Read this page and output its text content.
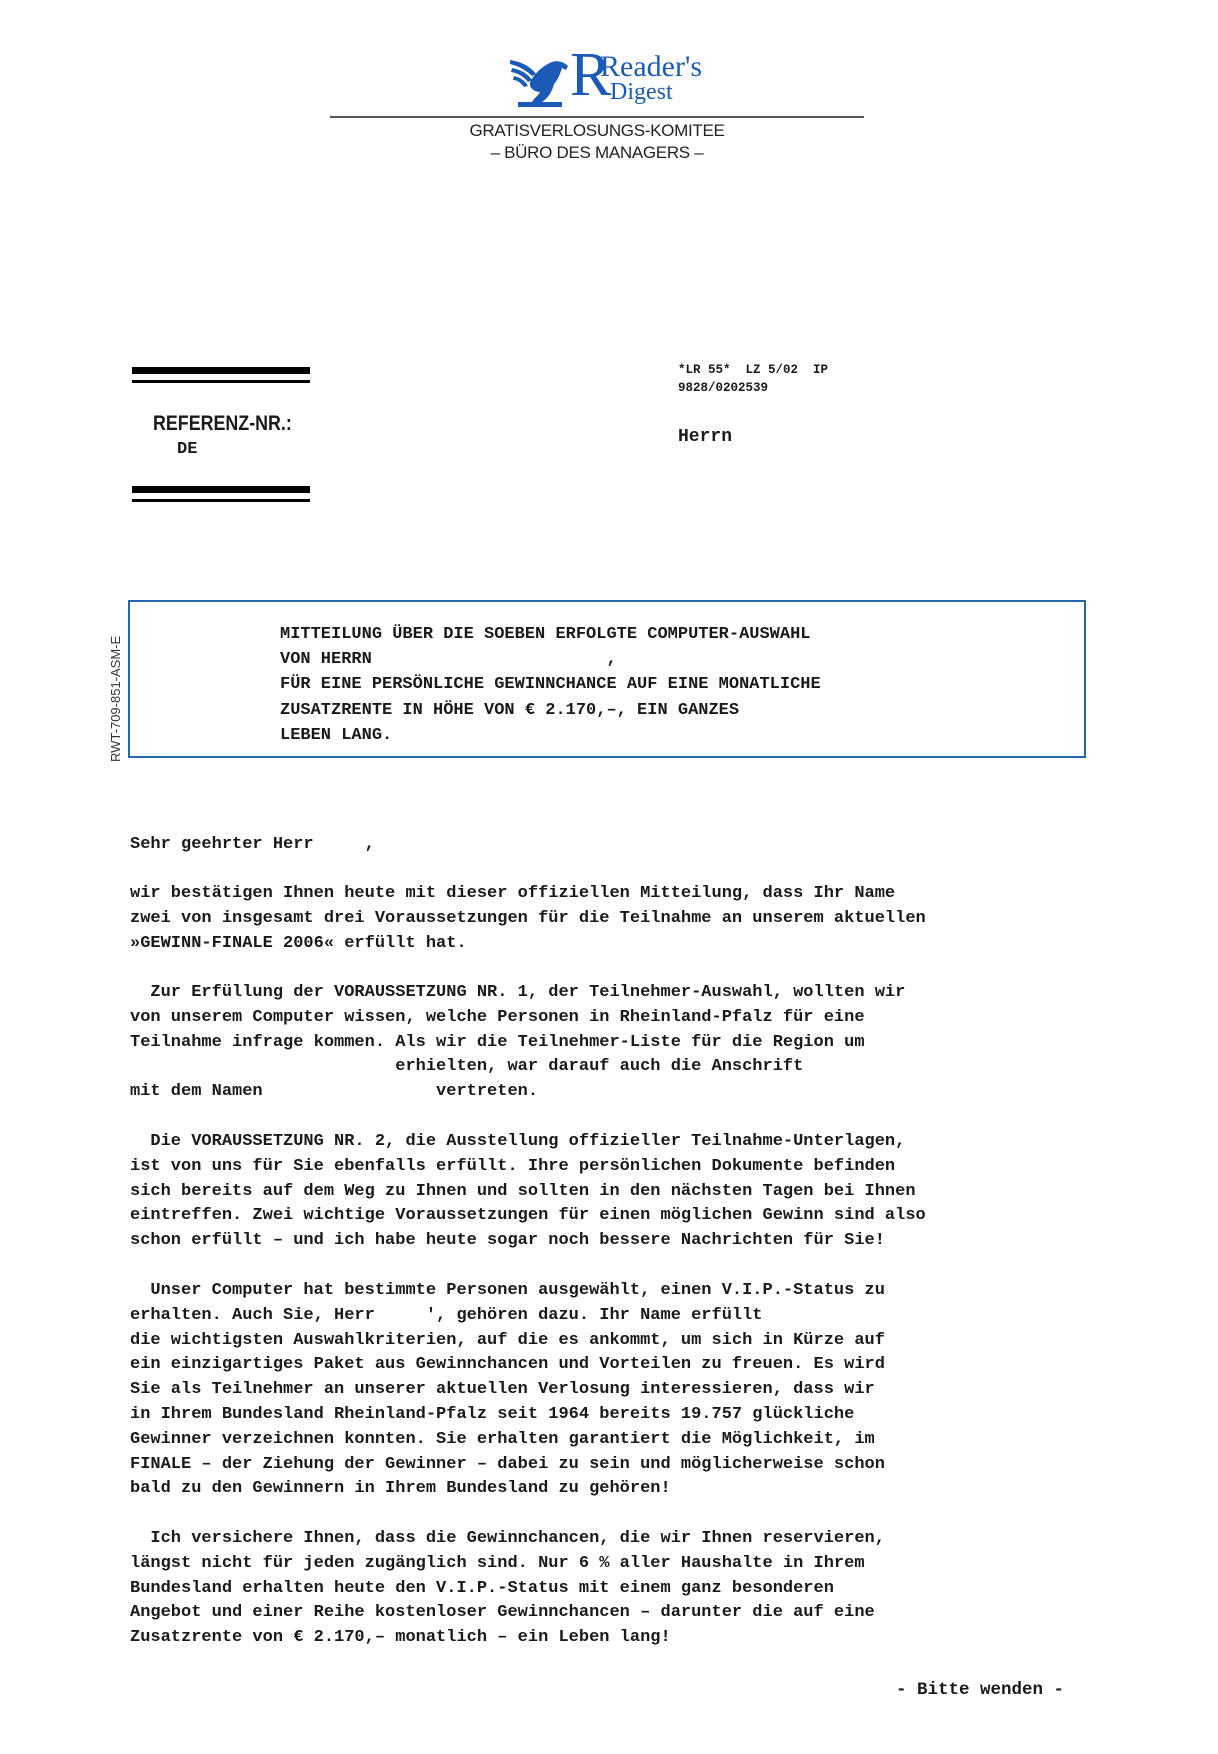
R
Reader's
Digest
GRATISVERLOSUNGS-KOMITEE
– BÜRO DES MANAGERS –
REFERENZ-NR.:
DE
*LR 55*  LZ 5/02  IP
9828/0202539
Herrn
RWT-709-851-ASM-E
MITTEILUNG ÜBER DIE SOEBEN ERFOLGTE COMPUTER-AUSWAHL
VON HERRN                       ,
FÜR EINE PERSÖNLICHE GEWINNCHANCE AUF EINE MONATLICHE
ZUSATZRENTE IN HÖHE VON € 2.170,–, EIN GANZES
LEBEN LANG.
Sehr geehrter Herr     ,
wir bestätigen Ihnen heute mit dieser offiziellen Mitteilung, dass Ihr Name
zwei von insgesamt drei Voraussetzungen für die Teilnahme an unserem aktuellen
»GEWINN-FINALE 2006« erfüllt hat.
Zur Erfüllung der VORAUSSETZUNG NR. 1, der Teilnehmer-Auswahl, wollten wir
von unserem Computer wissen, welche Personen in Rheinland-Pfalz für eine
Teilnahme infrage kommen. Als wir die Teilnehmer-Liste für die Region um
erhielten, war darauf auch die Anschrift
mit dem Namen                 vertreten.
Die VORAUSSETZUNG NR. 2, die Ausstellung offizieller Teilnahme-Unterlagen,
ist von uns für Sie ebenfalls erfüllt. Ihre persönlichen Dokumente befinden
sich bereits auf dem Weg zu Ihnen und sollten in den nächsten Tagen bei Ihnen
eintreffen. Zwei wichtige Voraussetzungen für einen möglichen Gewinn sind also
schon erfüllt – und ich habe heute sogar noch bessere Nachrichten für Sie!
Unser Computer hat bestimmte Personen ausgewählt, einen V.I.P.-Status zu
erhalten. Auch Sie, Herr     ', gehören dazu. Ihr Name erfüllt
die wichtigsten Auswahlkriterien, auf die es ankommt, um sich in Kürze auf
ein einzigartiges Paket aus Gewinnchancen und Vorteilen zu freuen. Es wird
Sie als Teilnehmer an unserer aktuellen Verlosung interessieren, dass wir
in Ihrem Bundesland Rheinland-Pfalz seit 1964 bereits 19.757 glückliche
Gewinner verzeichnen konnten. Sie erhalten garantiert die Möglichkeit, im
FINALE – der Ziehung der Gewinner – dabei zu sein und möglicherweise schon
bald zu den Gewinnern in Ihrem Bundesland zu gehören!
Ich versichere Ihnen, dass die Gewinnchancen, die wir Ihnen reservieren,
längst nicht für jeden zugänglich sind. Nur 6 % aller Haushalte in Ihrem
Bundesland erhalten heute den V.I.P.-Status mit einem ganz besonderen
Angebot und einer Reihe kostenloser Gewinnchancen – darunter die auf eine
Zusatzrente von € 2.170,– monatlich – ein Leben lang!
- Bitte wenden -
